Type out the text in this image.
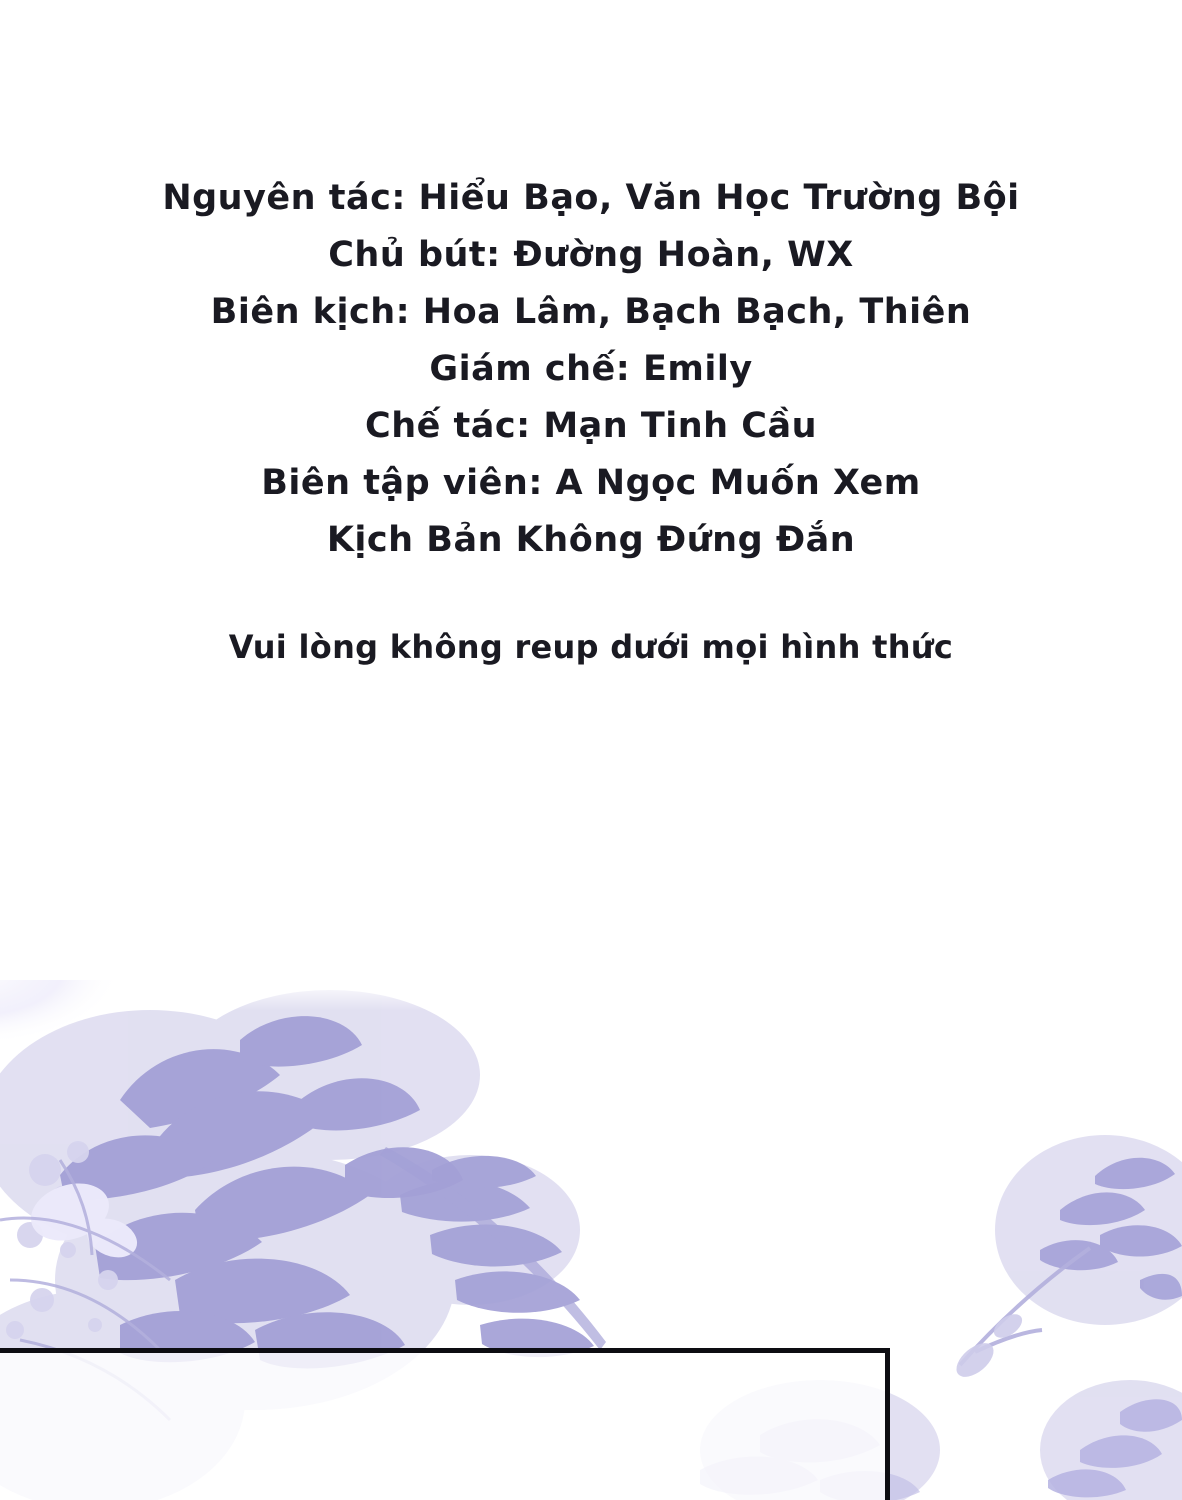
Nguyên tác: Hiểu Bạo, Văn Học Trường Bội
Chủ bút: Đường Hoàn, WX
Biên kịch: Hoa Lâm, Bạch Bạch, Thiên
Giám chế: Emily
Chế tác: Mạn Tinh Cầu
Biên tập viên: A Ngọc Muốn Xem
Kịch Bản Không Đứng Đắn
Vui lòng không reup dưới mọi hình thức
